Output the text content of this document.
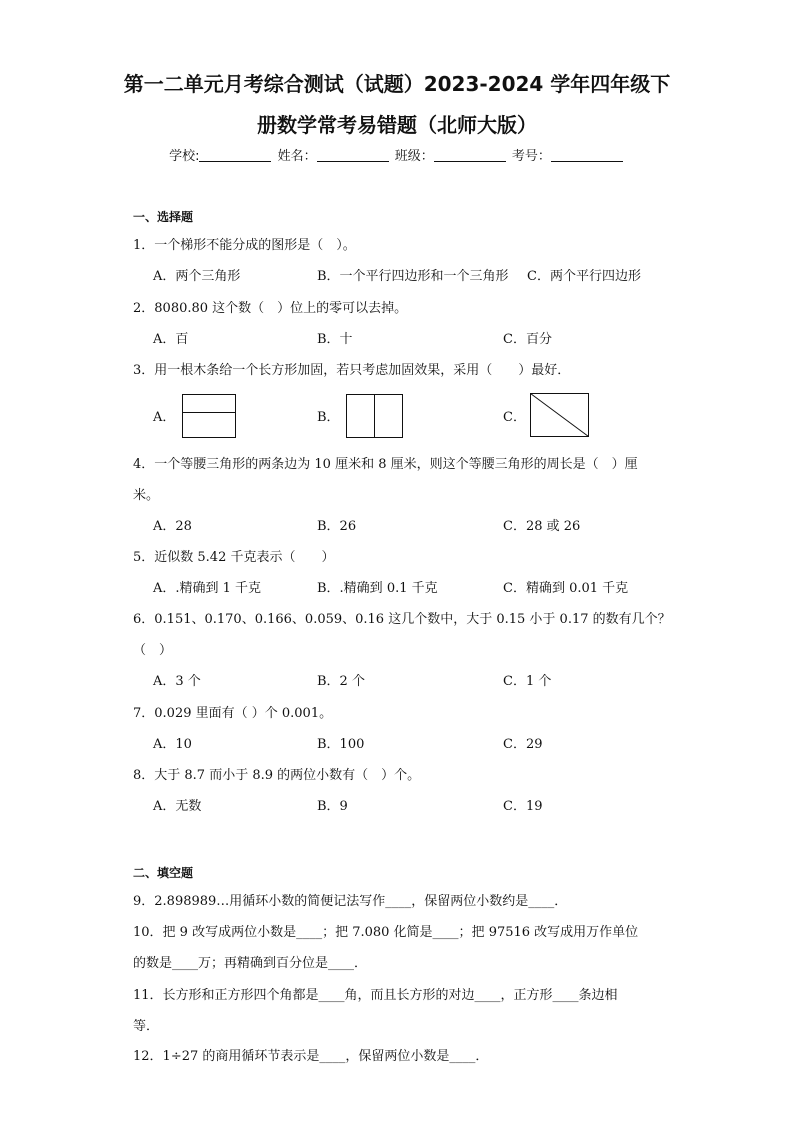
第一二单元月考综合测试（试题）2023-2024 学年四年级下
册数学常考易错题（北师大版）
学校:	姓名：	班级：	考号：
一、选择题
1．一个梯形不能分成的图形是（　）。
A．两个三角形	B．一个平行四边形和一个三角形 C．两个平行四边形
2．8080.80 这个数（　）位上的零可以去掉。
A．百	B．十	C．百分
3．用一根木条给一个长方形加固，若只考虑加固效果，采用（　　）最好．
A．	B．	C．
4．一个等腰三角形的两条边为 10 厘米和 8 厘米，则这个等腰三角形的周长是（　）厘
米。
A．28	B．26	C．28 或 26
5．近似数 5.42 千克表示（　　）
A．.精确到 1 千克	B．.精确到 0.1 千克	C．精确到 0.01 千克
6．0.151、0.170、0.166、0.059、0.16 这几个数中，大于 0.15 小于 0.17 的数有几个？
（　）
A．3 个	B．2 个	C．1 个
7．0.029 里面有（ ）个 0.001。
A．10	B．100	C．29
8．大于 8.7 而小于 8.9 的两位小数有（　）个。
A．无数	B．9	C．19
二、填空题
9．2.898989…用循环小数的简便记法写作____，保留两位小数约是____．
10．把 9 改写成两位小数是____；把 7.080 化简是____；把 97516 改写成用万作单位
的数是____万；再精确到百分位是____．
11．长方形和正方形四个角都是____角，而且长方形的对边____，正方形____条边相
等．
12．1÷27 的商用循环节表示是____，保留两位小数是____．
